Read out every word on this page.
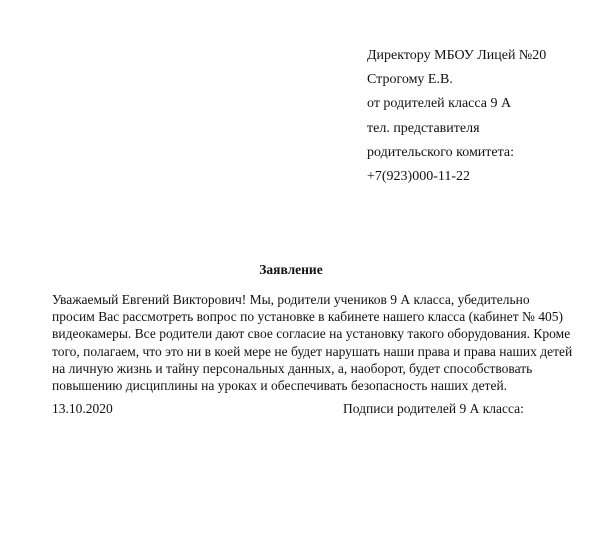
Директору МБОУ Лицей №20
Строгому Е.В.
от родителей класса 9 А
тел. представителя
родительского комитета:
+7(923)000-11-22
Заявление
Уважаемый Евгений Викторович! Мы, родители учеников 9 А класса, убедительно
просим Вас рассмотреть вопрос по установке в кабинете нашего класса (кабинет № 405)
видеокамеры. Все родители дают свое согласие на установку такого оборудования. Кроме
того, полагаем, что это ни в коей мере не будет нарушать наши права и права наших детей
на личную жизнь и тайну персональных данных, а, наоборот, будет способствовать
повышению дисциплины на уроках и обеспечивать безопасность наших детей.
13.10.2020	Подписи родителей 9 А класса:
